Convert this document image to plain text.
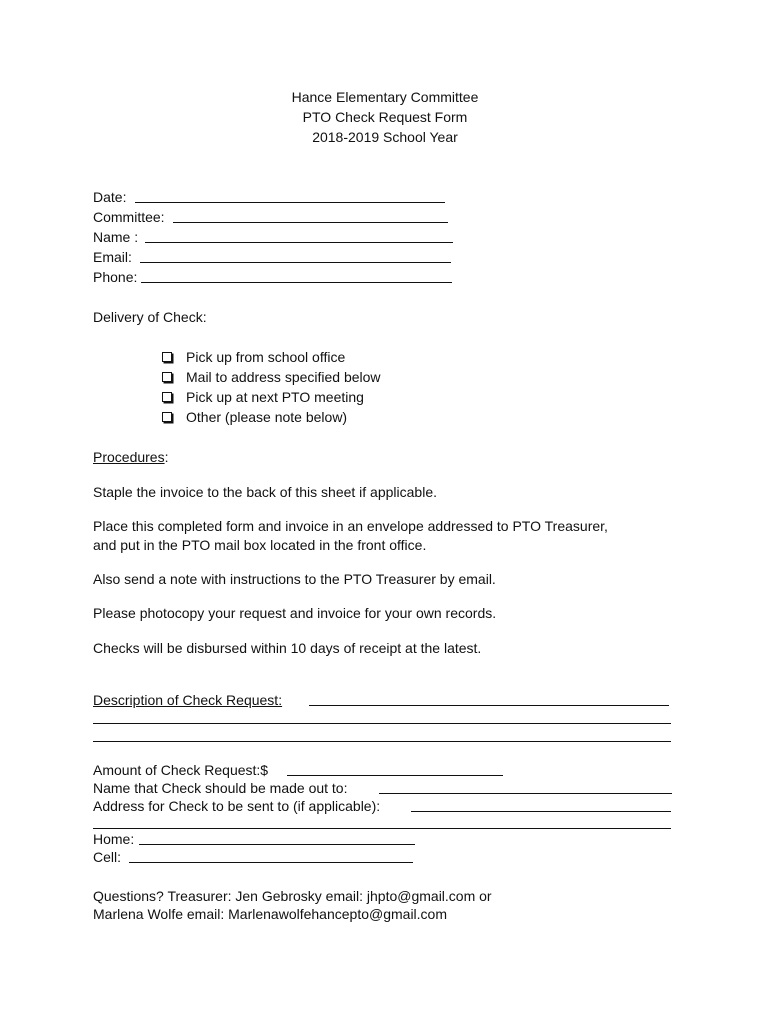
Hance Elementary Committee
PTO Check Request Form
2018-2019 School Year
Date:
Committee:
Name :
Email:
Phone:
Delivery of Check:
Pick up from school office
Mail to address specified below
Pick up at next PTO meeting
Other (please note below)
Procedures:
Staple the invoice to the back of this sheet if applicable.
Place this completed form and invoice in an envelope addressed to PTO Treasurer,
and put in the PTO mail box located in the front office.
Also send a note with instructions to the PTO Treasurer by email.
Please photocopy your request and invoice for your own records.
Checks will be disbursed within 10 days of receipt at the latest.
Description of Check Request:
Amount of Check Request:$
Name that Check should be made out to:
Address for Check to be sent to (if applicable):
Home:
Cell:
Questions? Treasurer: Jen Gebrosky email: jhpto@gmail.com or
Marlena Wolfe email: Marlenawolfehancepto@gmail.com
